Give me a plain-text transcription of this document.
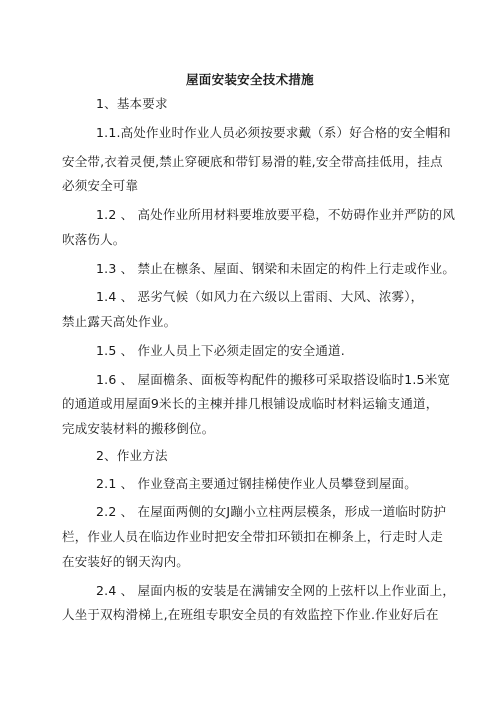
屋面安装安全技术措施
1、基本要求
1.1.高处作业时作业人员必须按要求戴（系）好合格的安全帽和
安全带,衣着灵便,禁止穿硬底和带钉易滑的鞋,安全带高挂低用，挂点
必须安全可靠
1.2 、 高处作业所用材料要堆放要平稳，不妨碍作业并严防的风
吹落伤人。
1.3 、 禁止在檩条、屋面、钢梁和未固定的构件上行走或作业。
1.4 、 恶劣气候（如风力在六级以上雷雨、大风、浓雾），
禁止露天高处作业。
1.5 、 作业人员上下必须走固定的安全通道.
1.6 、 屋面檐条、面板等构配件的搬移可采取搭设临时1.5米宽
的通道或用屋面9米长的主棟并排几根铺设成临时材料运输支通道，
完成安装材料的搬移倒位。
2、作业方法
2.1 、 作业登高主要通过钢挂梯使作业人员攀登到屋面。
2.2 、 在屋面两侧的女J蹦小立柱两层模条，形成一道临时防护
栏，作业人员在临边作业时把安全带扣环锁扣在柳条上，行走时人走
在安装好的钢天沟内。
2.4 、 屋面内板的安装是在满铺安全网的上弦杆以上作业面上，
人坐于双构滑梯上,在班组专职安全员的有效监控下作业.作业好后在
